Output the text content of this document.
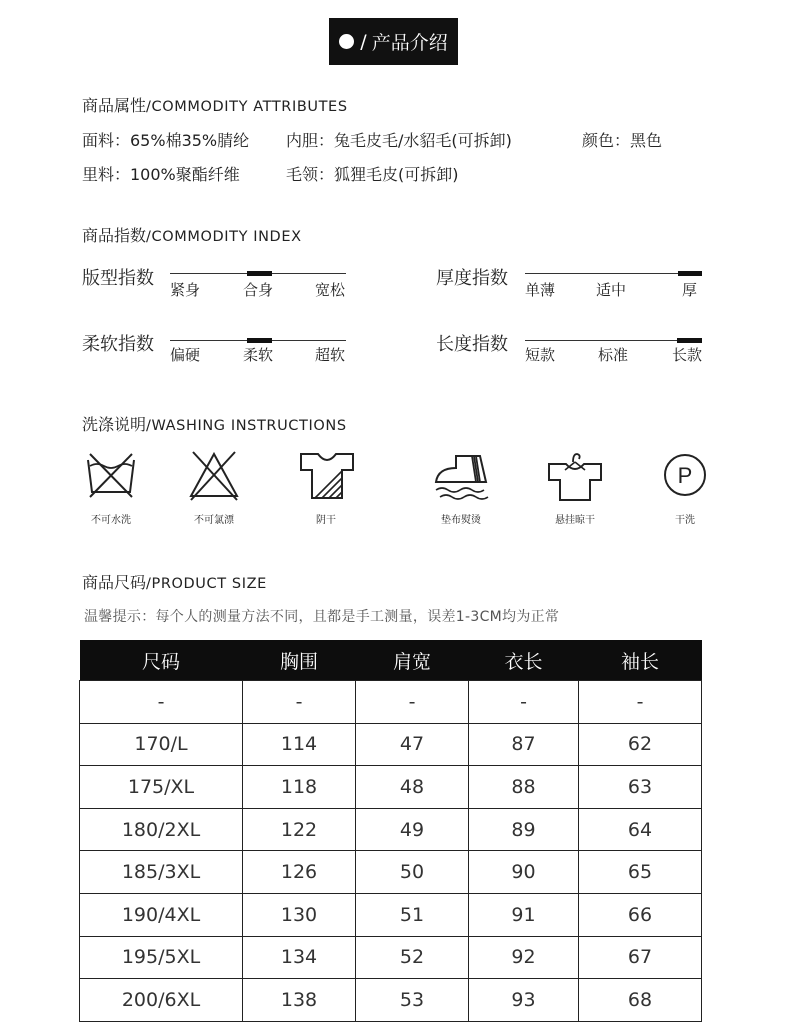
/ 产品介绍
商品属性/COMMODITY ATTRIBUTES
面料：65%棉35%腈纶 内胆：兔毛皮毛/水貂毛(可拆卸)	颜色：黑色
里料：100%聚酯纤维	毛领：狐狸毛皮(可拆卸)
商品指数/COMMODITY INDEX
版型指数
紧身	合身	宽松
厚度指数
单薄	适中	厚
柔软指数 偏硬	柔软	超软	长度指数 短款	标准	长款
洗涤说明/WASHING INSTRUCTIONS
不可水洗	不可氯漂	阴干	垫布熨烫	悬挂晾干
P
干洗
商品尺码/PRODUCT SIZE
温馨提示：每个人的测量方法不同，且都是手工测量，误差1-3CM均为正常
尺码	胸围	肩宽	衣长	袖长
-	-	-	-	-
170/L	114	47	87	62
175/XL	118	48	88	63
180/2XL	122	49	89	64
185/3XL	126	50	90	65
190/4XL	130	51	91	66
195/5XL	134	52	92	67
200/6XL	138	53	93	68
